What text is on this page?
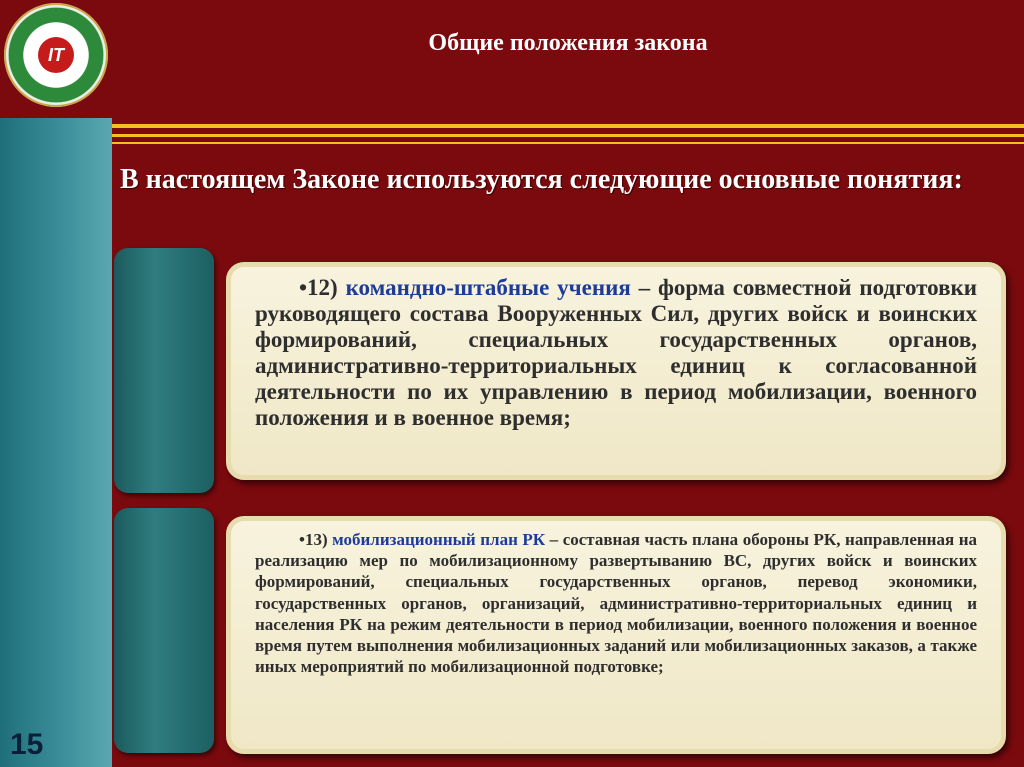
IT
15
Общие положения закона
В настоящем Законе используются следующие основные понятия:

•12) командно-штабные учения – форма совместной подготовки руководящего состава Вооруженных Сил, других войск и воинских формирований, специальных государственных органов, административно-территориальных единиц к согласованной деятельности по их управлению в период мобилизации, военного положения и в военное время;

•13) мобилизационный план РК – составная часть плана обороны РК, направленная на реализацию мер по мобилизационному развертыванию ВС, других войск и воинских формирований, специальных государственных органов, перевод экономики, государственных органов, организаций, административно-территориальных единиц и населения РК на режим деятельности в период мобилизации, военного положения и военное время путем выполнения мобилизационных заданий или мобилизационных заказов, а также иных мероприятий по мобилизационной подготовке;
